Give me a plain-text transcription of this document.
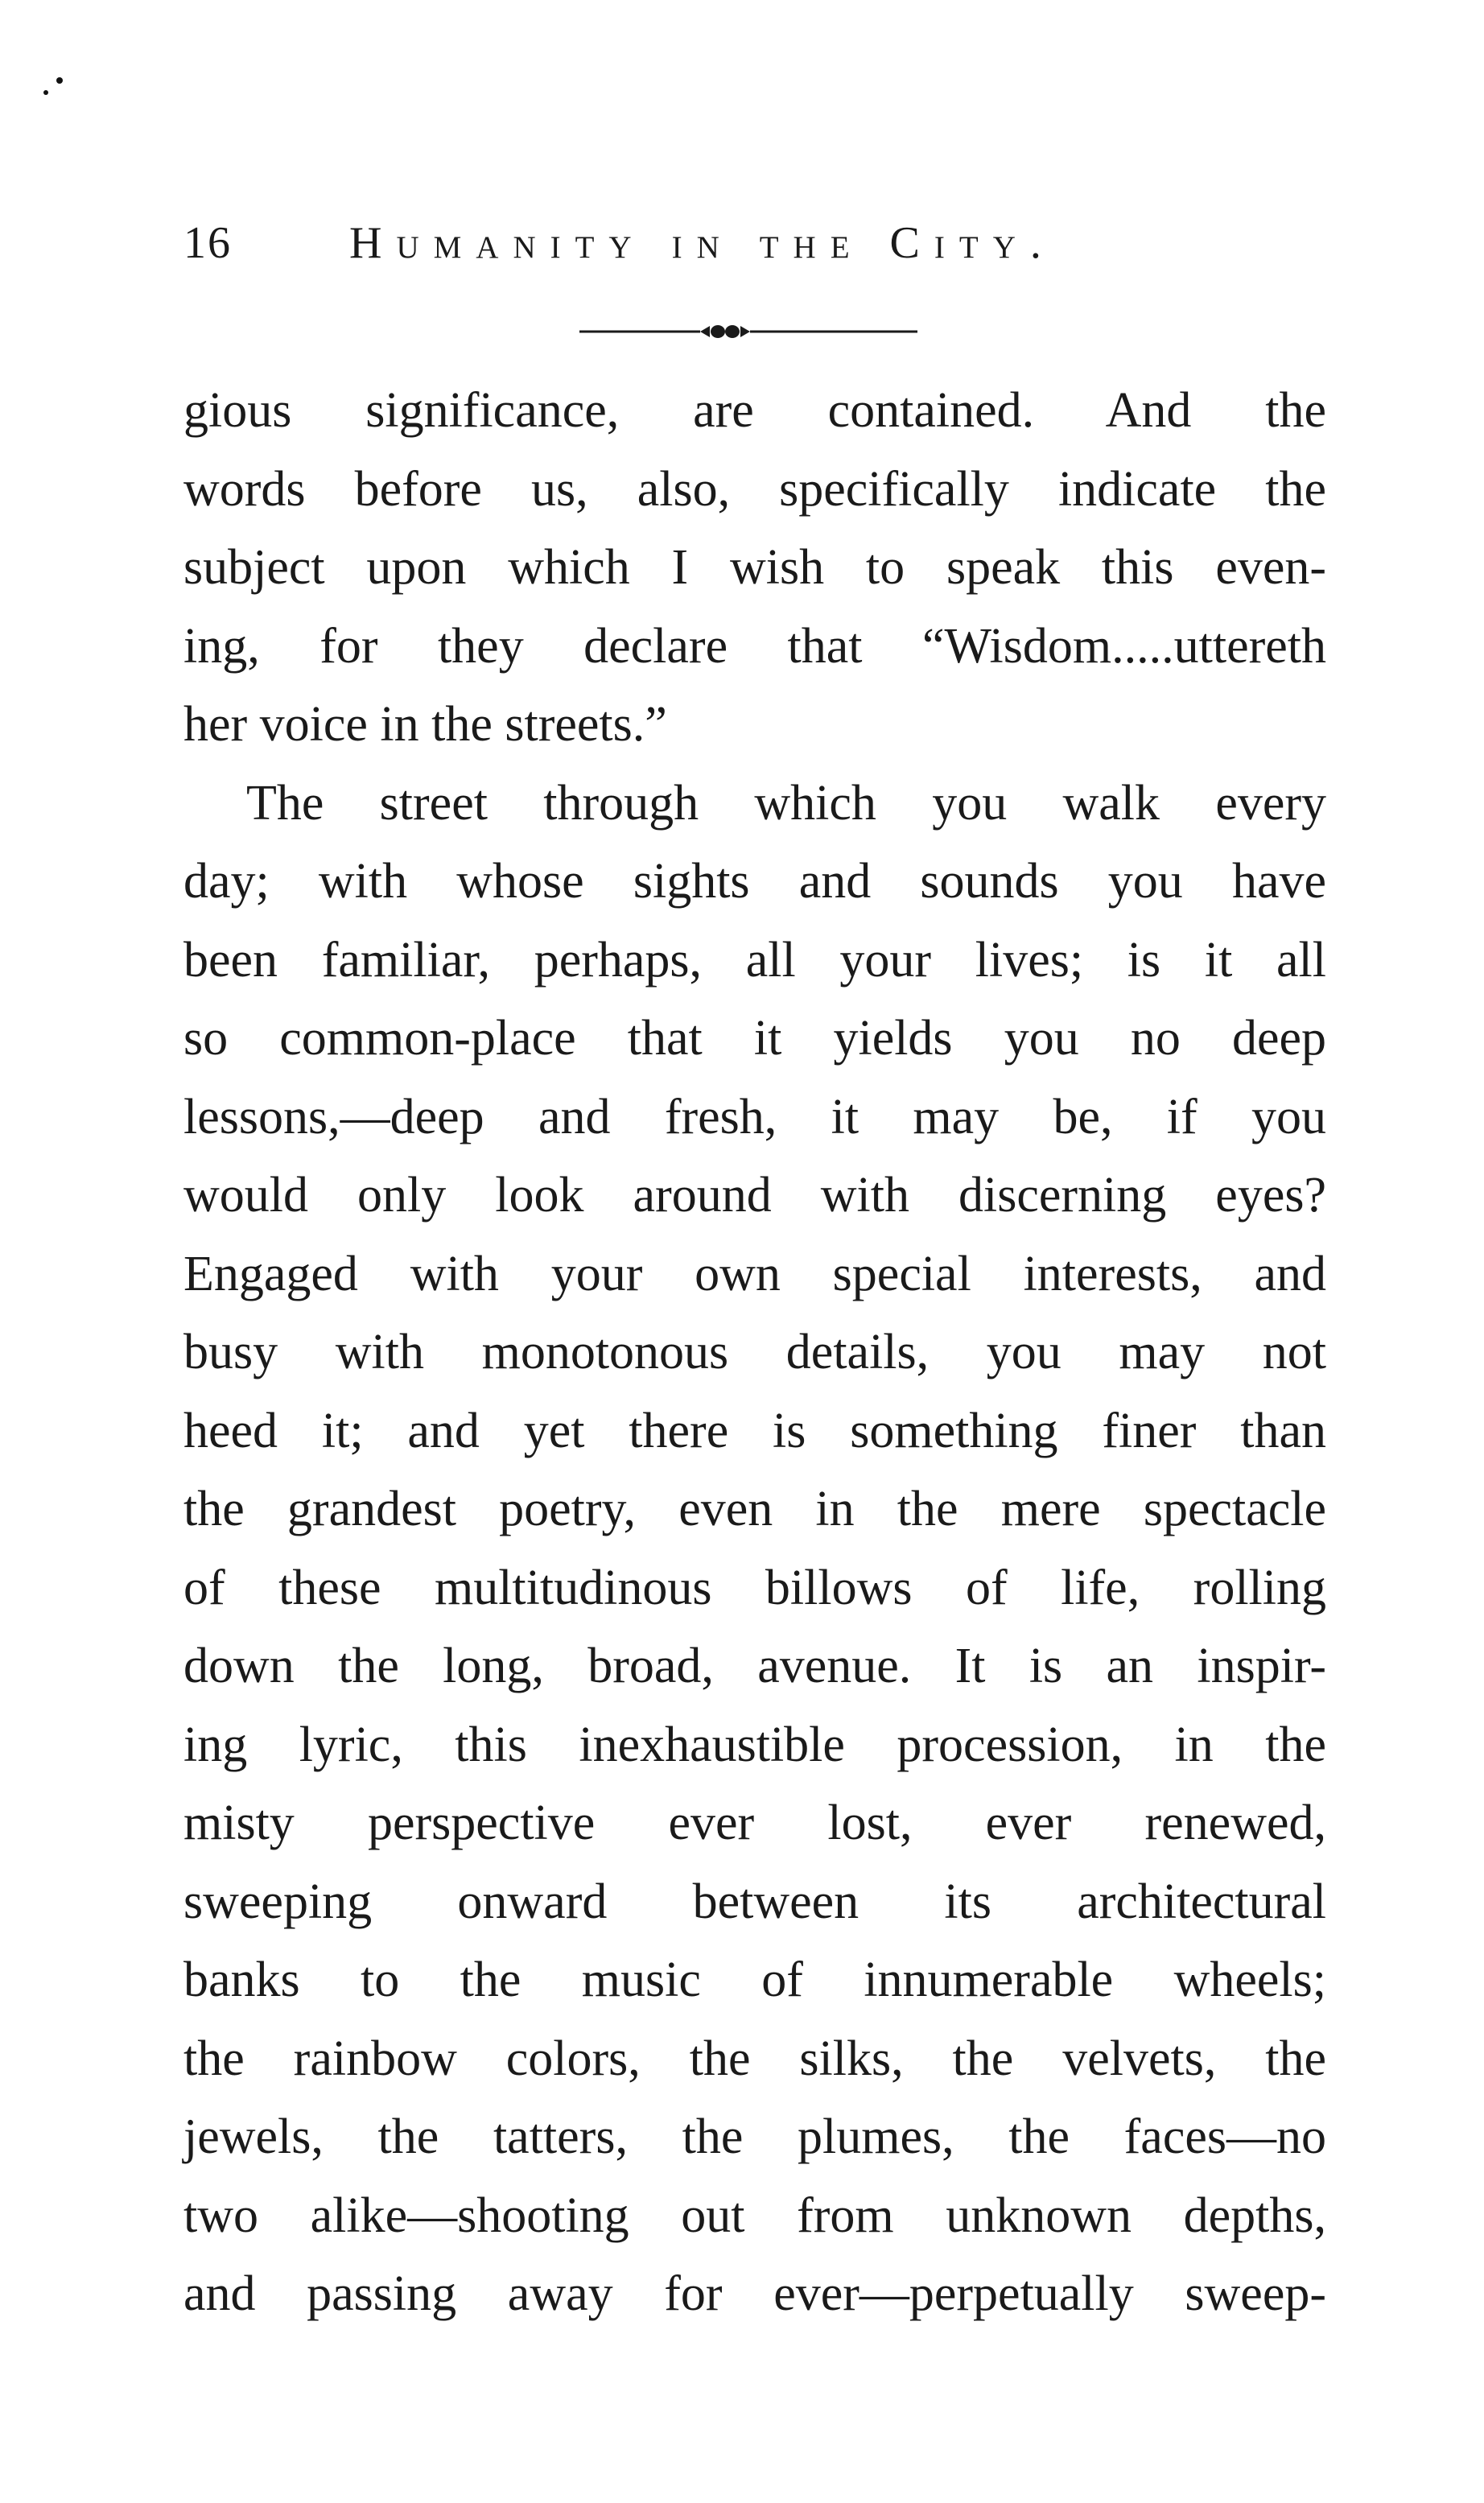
16	Humanity in the City.
gious significance, are contained. And the
words before us, also, specifically indicate the
subject upon which I wish to speak this even-
ing, for they declare that “Wisdom.....uttereth
her voice in the streets.”
The street through which you walk every
day; with whose sights and sounds you have
been familiar, perhaps, all your lives; is it all
so common-place that it yields you no deep
lessons,—deep and fresh, it may be, if you
would only look around with discerning eyes?
Engaged with your own special interests, and
busy with monotonous details, you may not
heed it; and yet there is something finer than
the grandest poetry, even in the mere spectacle
of these multitudinous billows of life, rolling
down the long, broad, avenue. It is an inspir-
ing lyric, this inexhaustible procession, in the
misty perspective ever lost, ever renewed,
sweeping onward between its architectural
banks to the music of innumerable wheels;
the rainbow colors, the silks, the velvets, the
jewels, the tatters, the plumes, the faces—no
two alike—shooting out from unknown depths,
and passing away for ever—perpetually sweep-
